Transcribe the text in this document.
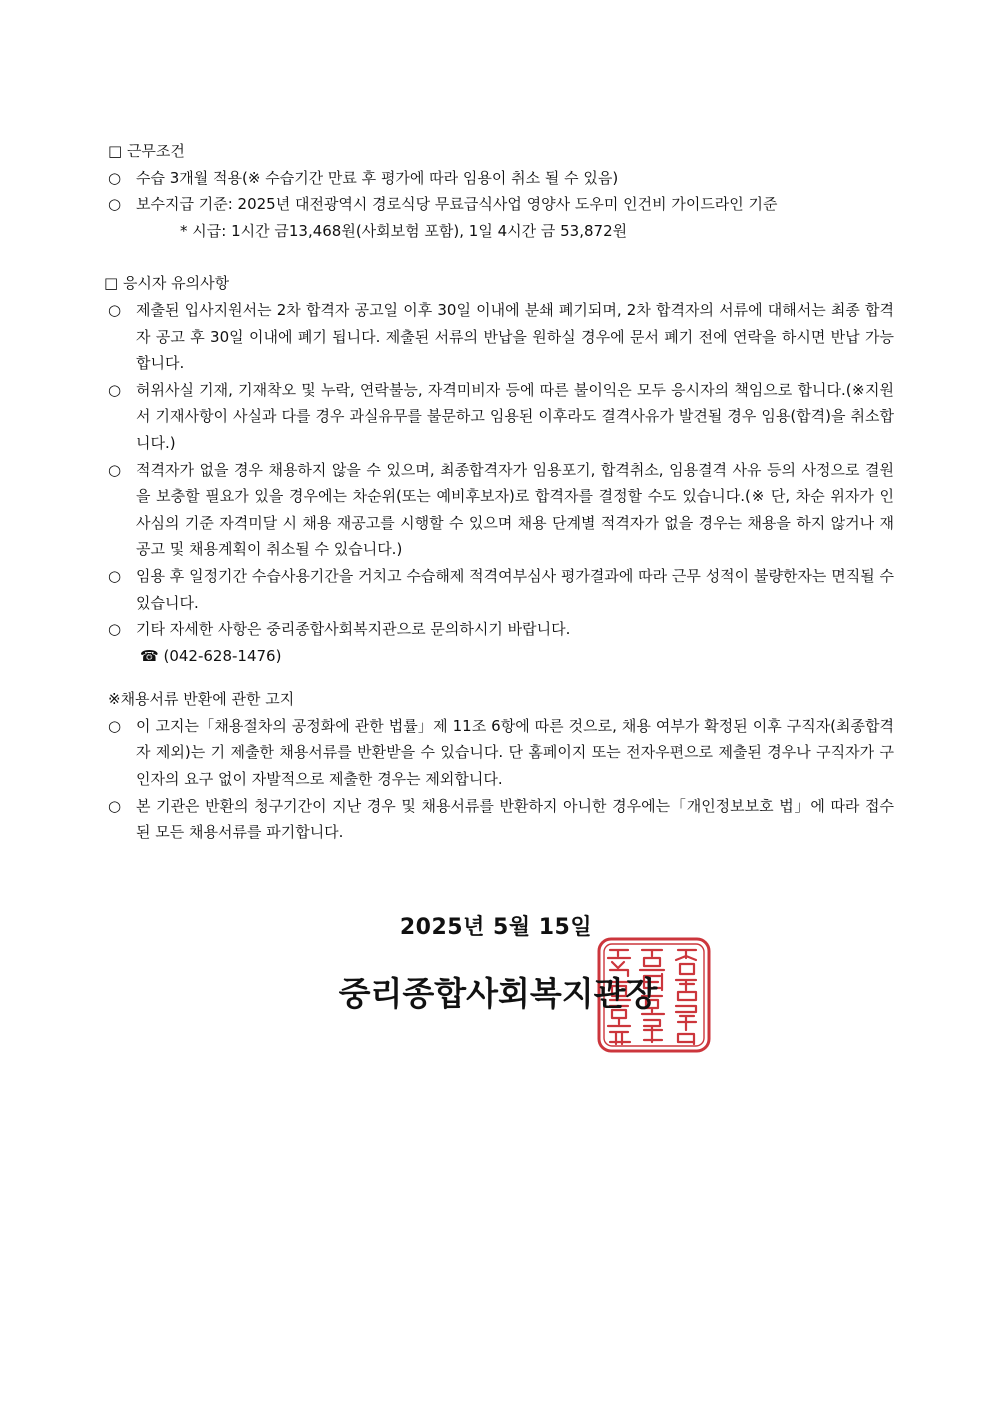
□ 근무조건

○ 수습 3개월 적용(※ 수습기간 만료 후 평가에 따라 임용이 취소 될 수 있음)
○ 보수지급 기준: 2025년 대전광역시 경로식당 무료급식사업 영양사 도우미 인건비 가이드라인 기준

* 시급: 1시간 금13,468원(사회보험 포함), 1일 4시간 금 53,872원

□ 응시자 유의사항

○ 제출된 입사지원서는 2차 합격자 공고일 이후 30일 이내에 분쇄 폐기되며, 2차 합격자의 서류에 대해서는 최종 합격자 공고 후 30일 이내에 폐기 됩니다. 제출된 서류의 반납을 원하실 경우에 문서 폐기 전에 연락을 하시면 반납 가능합니다.
○ 허위사실 기재, 기재착오 및 누락, 연락불능, 자격미비자 등에 따른 불이익은 모두 응시자의 책임으로 합니다.(※지원서 기재사항이 사실과 다를 경우 과실유무를 불문하고 임용된 이후라도 결격사유가 발견될 경우 임용(합격)을 취소합니다.)
○ 적격자가 없을 경우 채용하지 않을 수 있으며, 최종합격자가 임용포기, 합격취소, 임용결격 사유 등의 사정으로 결원을 보충할 필요가 있을 경우에는 차순위(또는 예비후보자)로 합격자를 결정할 수도 있습니다.(※ 단, 차순 위자가 인사심의 기준 자격미달 시 채용 재공고를 시행할 수 있으며 채용 단계별 적격자가 없을 경우는 채용을 하지 않거나 재공고 및 채용계획이 취소될 수 있습니다.)
○ 임용 후 일정기간 수습사용기간을 거치고 수습해제 적격여부심사 평가결과에 따라 근무 성적이 불량한자는 면직될 수 있습니다.
○ 기타 자세한 사항은 중리종합사회복지관으로 문의하시기 바랍니다.

☎ (042-628-1476)

※채용서류 반환에 관한 고지

○ 이 고지는「채용절차의 공정화에 관한 법률」제 11조 6항에 따른 것으로, 채용 여부가 확정된 이후 구직자(최종합격자 제외)는 기 제출한 채용서류를 반환받을 수 있습니다. 단 홈페이지 또는 전자우편으로 제출된 경우나 구직자가 구인자의 요구 없이 자발적으로 제출한 경우는 제외합니다.
○ 본 기관은 반환의 청구기간이 지난 경우 및 채용서류를 반환하지 아니한 경우에는「개인정보보호 법」에 따라 접수된 모든 채용서류를 파기합니다.
2025년 5월 15일
중리종합사회복지관장
